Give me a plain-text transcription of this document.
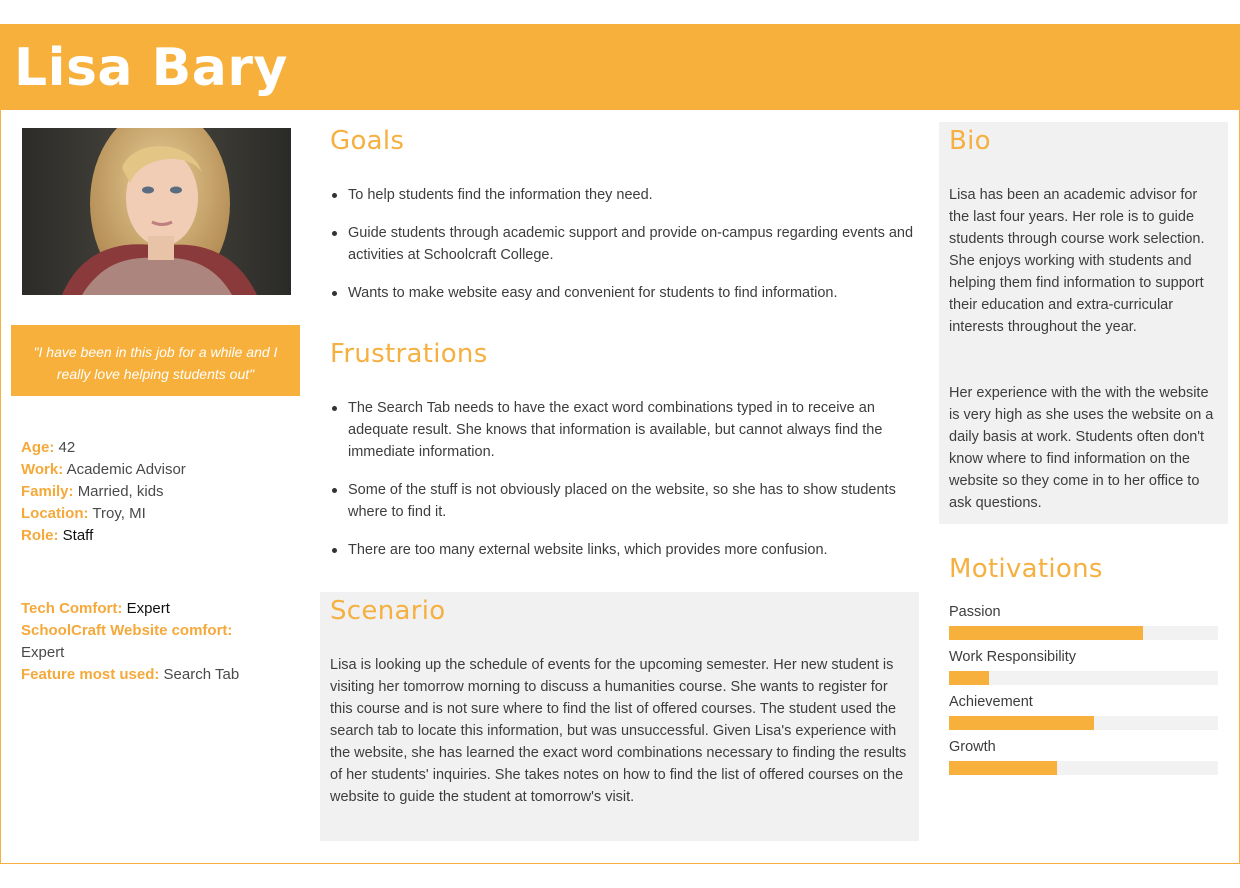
Lisa Bary
"I have been in this job for a while and I really love helping students out"
Age: 42
Work: Academic Advisor
Family: Married, kids
Location: Troy, MI
Role: Staff
Tech Comfort: Expert
SchoolCraft Website comfort:
Expert
Feature most used: Search Tab
Goals
To help students find the information they need.
Guide students through academic support and provide on-campus regarding events and activities at Schoolcraft College.
Wants to make website easy and convenient for students to find information.
Frustrations
The Search Tab needs to have the exact word combinations typed in to receive an adequate result. She knows that information is available, but cannot always find the immediate information.
Some of the stuff is not obviously placed on the website, so she has to show students where to find it.
There are too many external website links, which provides more confusion.
Scenario

Lisa is looking up the schedule of events for the upcoming semester. Her new student is visiting her tomorrow morning to discuss a humanities course. She wants to register for this course and is not sure where to find the list of offered courses. The student used the search tab to locate this information, but was unsuccessful. Given Lisa's experience with the website, she has learned the exact word combinations necessary to finding the results of her students' inquiries. She takes notes on how to find the list of offered courses on the website to guide the student at tomorrow's visit.

Bio

Lisa has been an academic advisor for the last four years. Her role is to guide students through course work selection. She enjoys working with students and helping them find information to support their education and extra-curricular interests throughout the year.

Her experience with the with the website is very high as she uses the website on a daily basis at work. Students often don't know where to find information on the website so they come in to her office to ask questions.

Motivations
Passion
Work Responsibility
Achievement
Growth
